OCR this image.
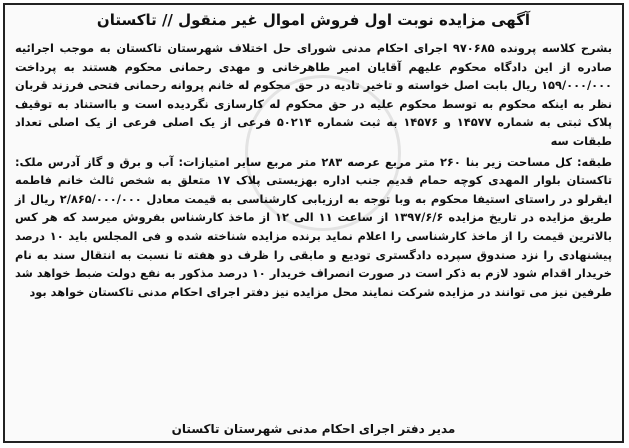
آگهی مزایده نوبت اول فروش اموال غیر منقول // تاکستان

بشرح کلاسه پرونده ۹۷۰۶۸۵ اجرای احکام مدنی شورای حل اختلاف شهرستان تاکستان به موجب اجرائیه صادره از این دادگاه محکوم علیهم آقایان امیر طاهرخانی و مهدی رحمانی محکوم هستند به پرداخت ۱۵۹/۰۰۰/۰۰۰ ریال بابت اصل خواسته و تاخیر تادیه در حق محکوم له خانم پروانه رحمانی فتحی فرزند قربان نظر به اینکه محکوم به توسط محکوم علیه در حق محکوم له کارسازی نگردیده است و بااستناد به توقیف پلاک ثبتی به شماره ۱۴۵۷۷ و ۱۴۵۷۶ به ثبت شماره ۵۰۲۱۴ فرعی از یک اصلی فرعی از یک اصلی تعداد طبقات سه

طبقه: کل مساحت زیر بنا ۲۶۰ متر مربع عرصه ۲۸۳ متر مربع سایر امتیازات: آب و برق و گاز آدرس ملک: تاکستان بلوار المهدی کوچه حمام قدیم جنب اداره بهزیستی پلاک ۱۷ متعلق به شخص ثالث خانم فاطمه ایقرلو در راستای استیفا محکوم به وبا توجه به ارزیابی کارشناسی به قیمت معادل ۲/۸۶۵/۰۰۰/۰۰۰ ریال از طریق مزایده در تاریخ مزایده ۱۳۹۷/۶/۶ از ساعت ۱۱ الی ۱۲ از ماخذ کارشناس بفروش میرسد که هر کس بالاترین قیمت را از ماخذ کارشناسی را اعلام نماید برنده مزایده شناخته شده و فی المجلس باید ۱۰ درصد پیشنهادی را نزد صندوق سپرده دادگستری تودیع و مابقی را ظرف دو هفته تا نسبت به انتقال سند به نام خریدار اقدام شود لازم به ذکر است در صورت انصراف خریدار ۱۰ درصد مذکور به نفع دولت ضبط خواهد شد طرفین نیز می توانند در مزایده شرکت نمایند محل مزایده نیز دفتر اجرای احکام مدنی تاکستان خواهد بود

مدیر دفتر اجرای احکام مدنی شهرستان تاکستان
